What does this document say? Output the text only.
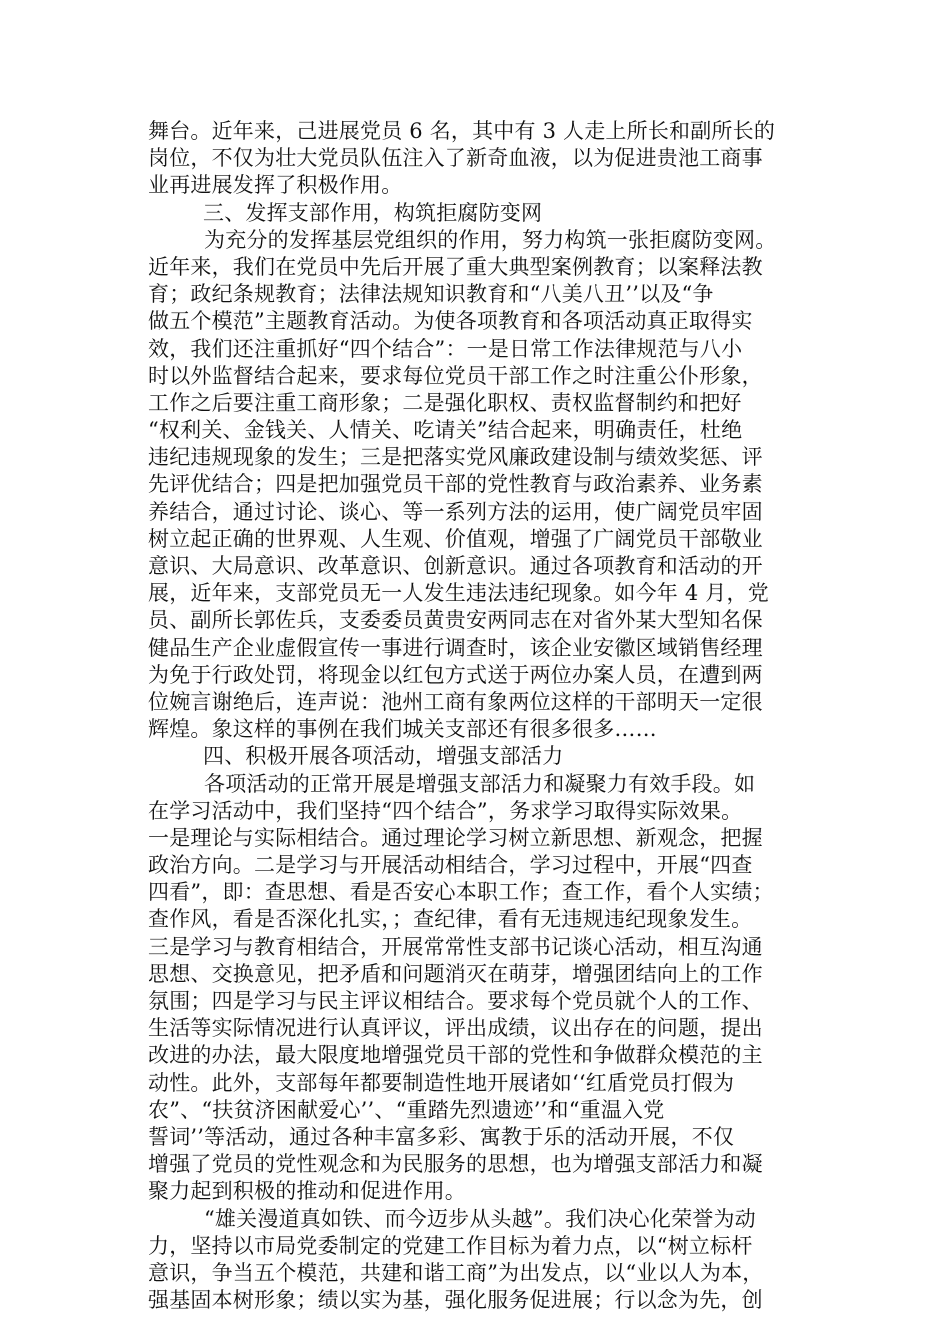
舞台。近年来，己进展党员 6 名，其中有 3 人走上所长和副所长的
岗位，不仅为壮大党员队伍注入了新奇血液，以为促进贵池工商事
业再进展发挥了积极作用。
三、发挥支部作用，构筑拒腐防变网
为充分的发挥基层党组织的作用，努力构筑一张拒腐防变网。
近年来，我们在党员中先后开展了重大典型案例教育；以案释法教
育；政纪条规教育；法律法规知识教育和“八美八丑’’以及“争
做五个模范”主题教育活动。为使各项教育和各项活动真正取得实
效，我们还注重抓好“四个结合”：一是日常工作法律规范与八小
时以外监督结合起来，要求每位党员干部工作之时注重公仆形象，
工作之后要注重工商形象；二是强化职权、责权监督制约和把好
“权利关、金钱关、人情关、吃请关”结合起来，明确责任，杜绝
违纪违规现象的发生；三是把落实党风廉政建设制与绩效奖惩、评
先评优结合；四是把加强党员干部的党性教育与政治素养、业务素
养结合，通过讨论、谈心、等一系列方法的运用，使广阔党员牢固
树立起正确的世界观、人生观、价值观，增强了广阔党员干部敬业
意识、大局意识、改革意识、创新意识。通过各项教育和活动的开
展，近年来，支部党员无一人发生违法违纪现象。如今年 4 月，党
员、副所长郭佐兵，支委委员黄贵安两同志在对省外某大型知名保
健品生产企业虚假宣传一事进行调查时，该企业安徽区域销售经理
为免于行政处罚，将现金以红包方式送于两位办案人员，在遭到两
位婉言谢绝后，连声说：池州工商有象两位这样的干部明天一定很
辉煌。象这样的事例在我们城关支部还有很多很多……
四、积极开展各项活动，增强支部活力
各项活动的正常开展是增强支部活力和凝聚力有效手段。如
在学习活动中，我们坚持“四个结合”，务求学习取得实际效果。
一是理论与实际相结合。通过理论学习树立新思想、新观念，把握
政治方向。二是学习与开展活动相结合，学习过程中，开展“四查
四看”，即：查思想、看是否安心本职工作；查工作，看个人实绩；
查作风，看是否深化扎实，；查纪律，看有无违规违纪现象发生。
三是学习与教育相结合，开展常常性支部书记谈心活动，相互沟通
思想、交换意见，把矛盾和问题消灭在萌芽，增强团结向上的工作
氛围；四是学习与民主评议相结合。要求每个党员就个人的工作、
生活等实际情况进行认真评议，评出成绩，议出存在的问题，提出
改进的办法，最大限度地增强党员干部的党性和争做群众模范的主
动性。此外，支部每年都要制造性地开展诸如‘‘红盾党员打假为
农”、“扶贫济困献爱心’’、“重踏先烈遗迹’’和“重温入党
誓词’’等活动，通过各种丰富多彩、寓教于乐的活动开展，不仅
增强了党员的党性观念和为民服务的思想，也为增强支部活力和凝
聚力起到积极的推动和促进作用。
“雄关漫道真如铁、而今迈步从头越”。我们决心化荣誉为动
力，坚持以市局党委制定的党建工作目标为着力点，以“树立标杆
意识，争当五个模范，共建和谐工商”为出发点，以“业以人为本，
强基固本树形象；绩以实为基，强化服务促进展；行以念为先，创
